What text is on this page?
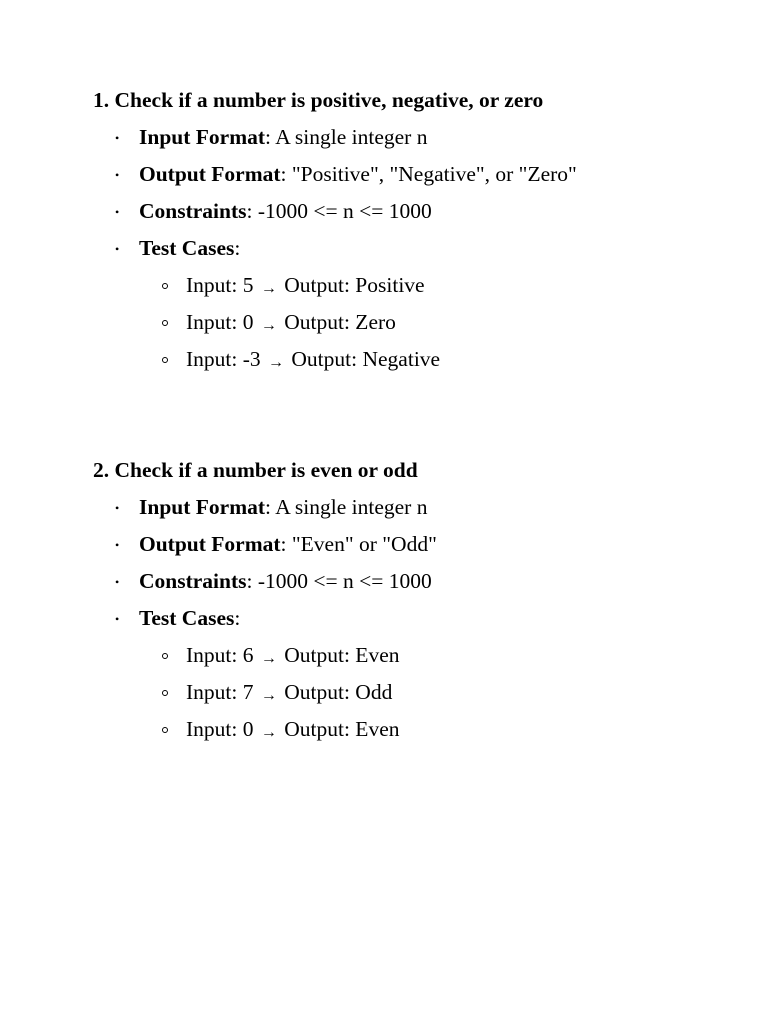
1. Check if a number is positive, negative, or zero
• Input Format: A single integer n
• Output Format: "Positive", "Negative", or "Zero"
• Constraints: -1000 <= n <= 1000
• Test Cases:
Input: 5 → Output: Positive
Input: 0 → Output: Zero
Input: -3 → Output: Negative
2. Check if a number is even or odd
• Input Format: A single integer n
• Output Format: "Even" or "Odd"
• Constraints: -1000 <= n <= 1000
• Test Cases:
Input: 6 → Output: Even
Input: 7 → Output: Odd
Input: 0 → Output: Even
